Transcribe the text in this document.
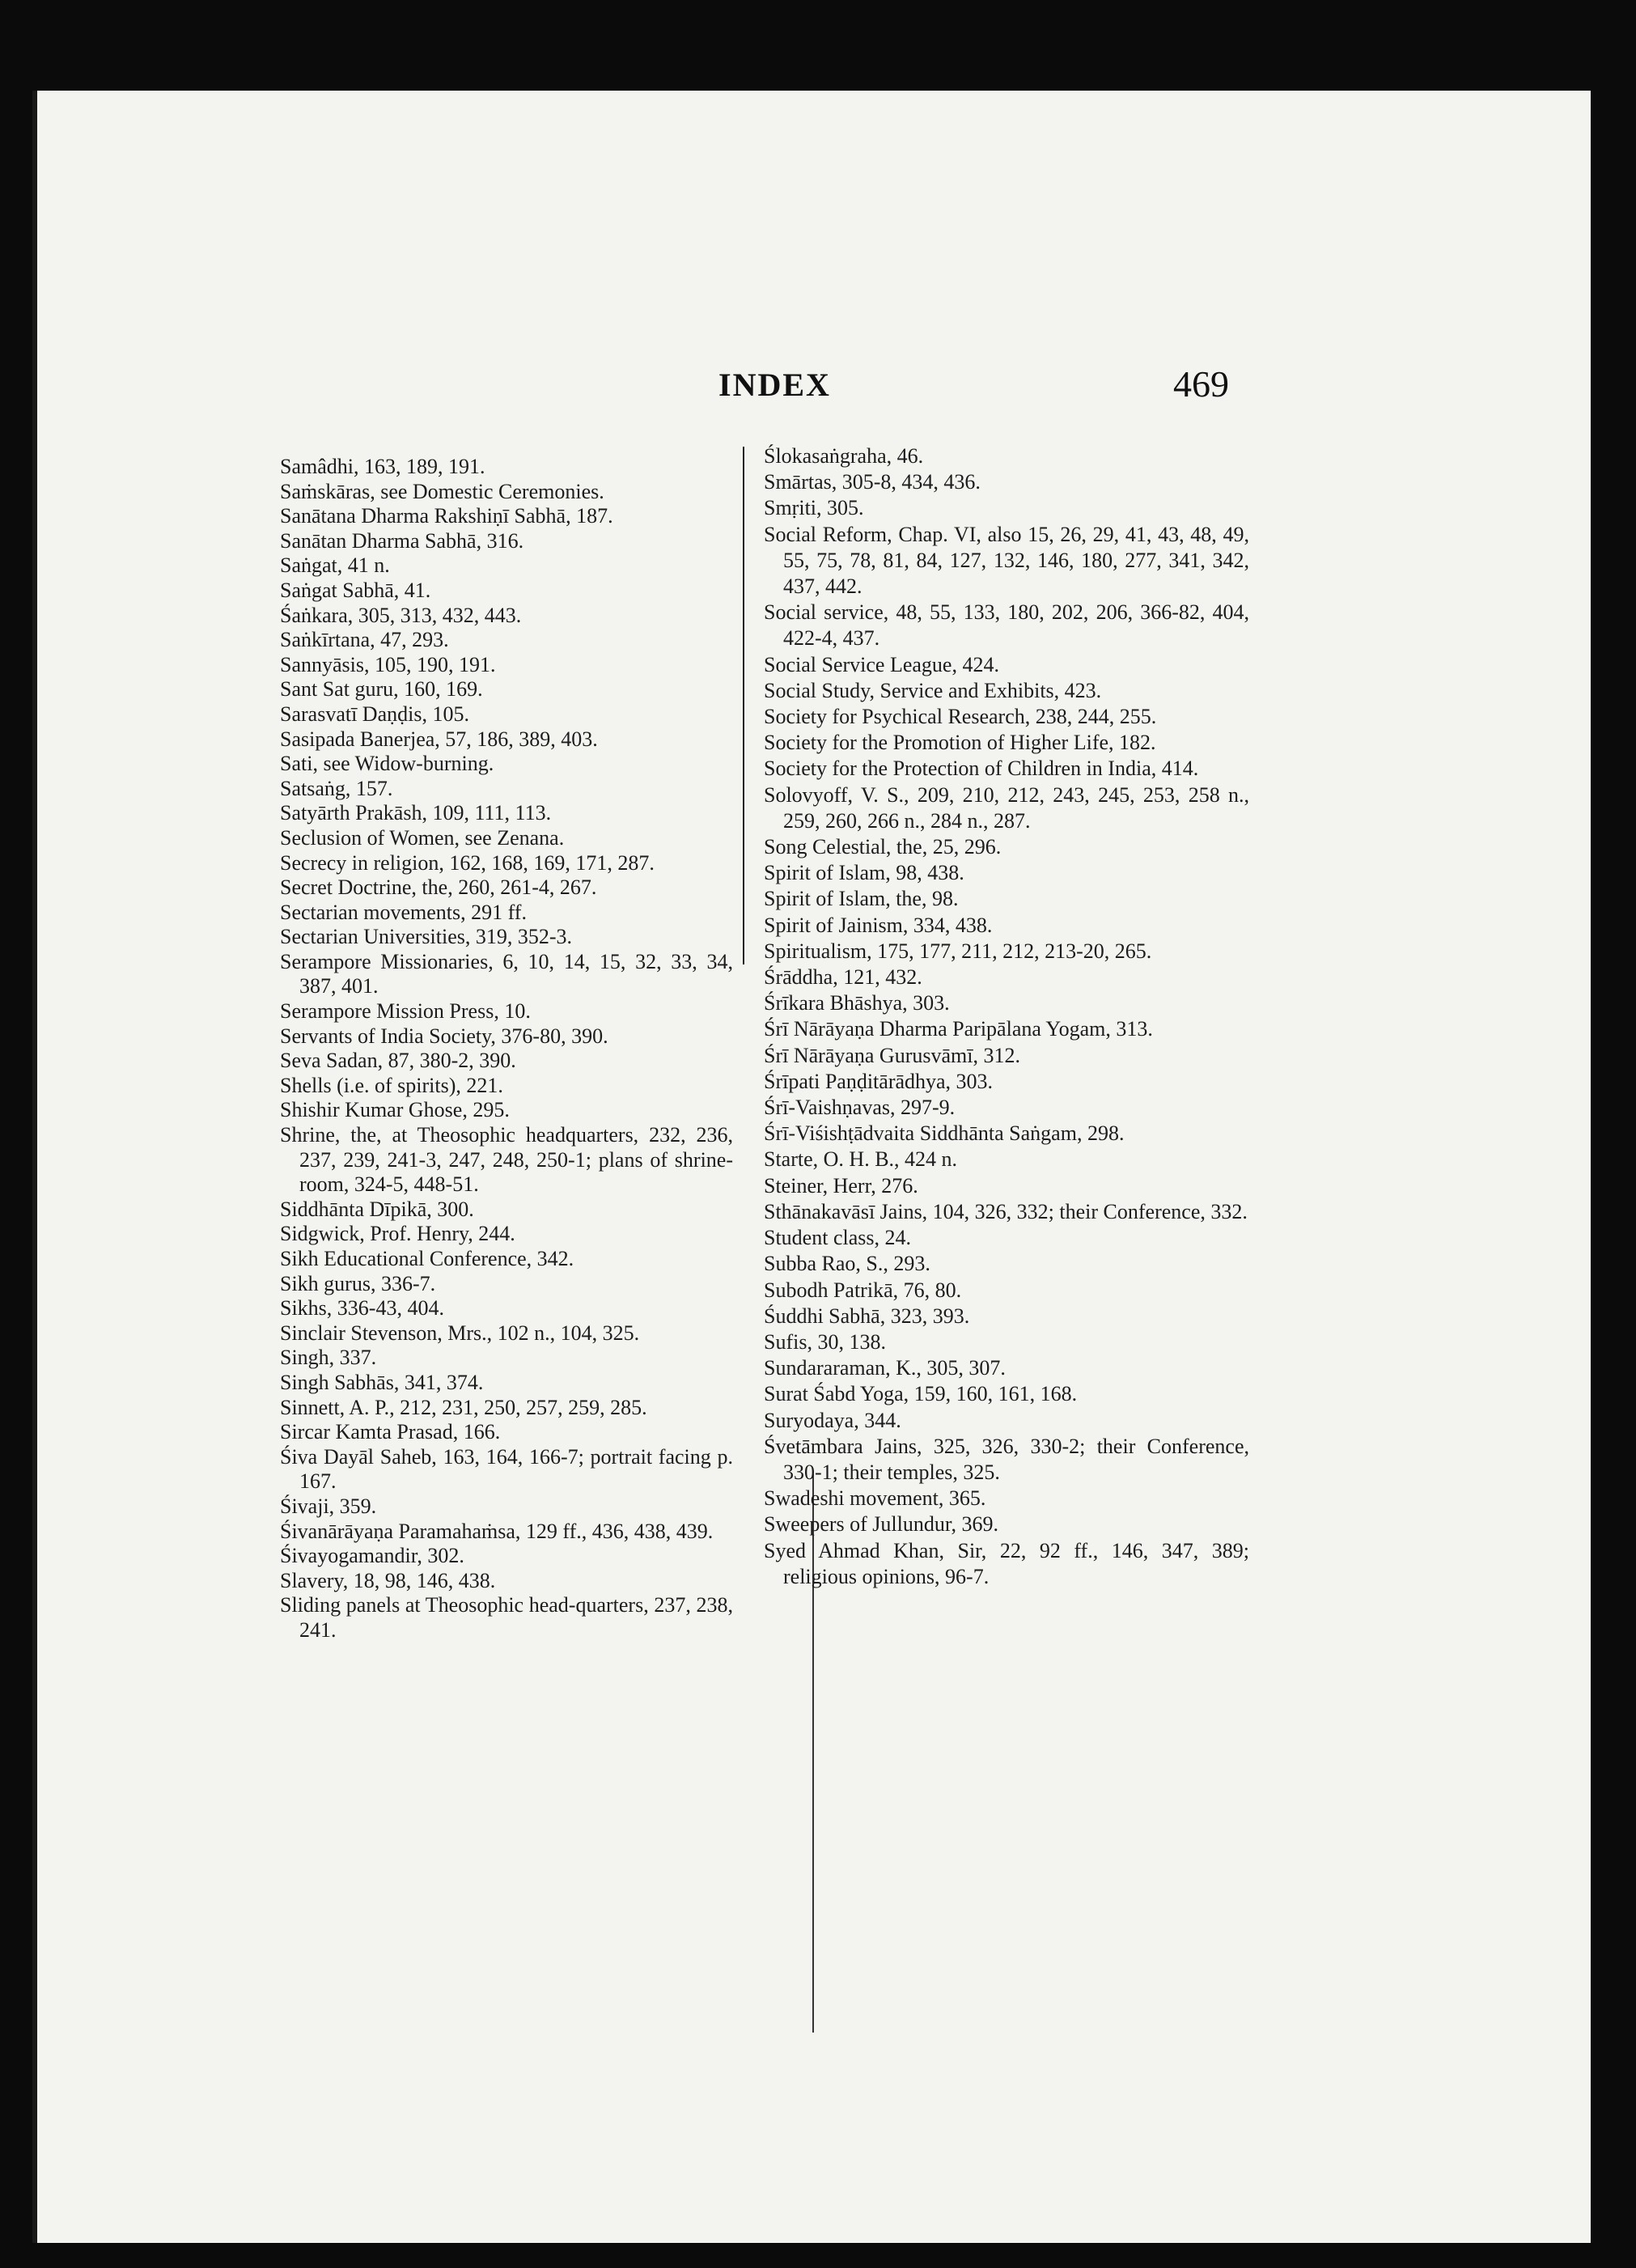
INDEX	469

Samâdhi, 163, 189, 191.

Saṁskāras, see Domestic Ceremonies.

Sanātana Dharma Rakshiṇī Sabhā, 187.

Sanātan Dharma Sabhā, 316.

Saṅgat, 41 n.

Saṅgat Sabhā, 41.

Śaṅkara, 305, 313, 432, 443.

Saṅkīrtana, 47, 293.

Sannyāsis, 105, 190, 191.

Sant Sat guru, 160, 169.

Sarasvatī Daṇḍis, 105.

Sasipada Banerjea, 57, 186, 389, 403.

Sati, see Widow-burning.

Satsaṅg, 157.

Satyārth Prakāsh, 109, 111, 113.

Seclusion of Women, see Zenana.

Secrecy in religion, 162, 168, 169, 171, 287.

Secret Doctrine, the, 260, 261-4, 267.

Sectarian movements, 291 ff.

Sectarian Universities, 319, 352-3.

Serampore Missionaries, 6, 10, 14, 15, 32, 33, 34, 387, 401.

Serampore Mission Press, 10.

Servants of India Society, 376-80, 390.

Seva Sadan, 87, 380-2, 390.

Shells (i.e. of spirits), 221.

Shishir Kumar Ghose, 295.

Shrine, the, at Theosophic headquarters, 232, 236, 237, 239, 241-3, 247, 248, 250-1; plans of shrine-room, 324-5, 448-51.

Siddhānta Dīpikā, 300.

Sidgwick, Prof. Henry, 244.

Sikh Educational Conference, 342.

Sikh gurus, 336-7.

Sikhs, 336-43, 404.

Sinclair Stevenson, Mrs., 102 n., 104, 325.

Singh, 337.

Singh Sabhās, 341, 374.

Sinnett, A. P., 212, 231, 250, 257, 259, 285.

Sircar Kamta Prasad, 166.

Śiva Dayāl Saheb, 163, 164, 166-7; portrait facing p. 167.

Śivaji, 359.

Śivanārāyaṇa Paramahaṁsa, 129 ff., 436, 438, 439.

Śivayogamandir, 302.

Slavery, 18, 98, 146, 438.

Sliding panels at Theosophic head-quarters, 237, 238, 241.

Ślokasaṅgraha, 46.

Smārtas, 305-8, 434, 436.

Smṛiti, 305.

Social Reform, Chap. VI, also 15, 26, 29, 41, 43, 48, 49, 55, 75, 78, 81, 84, 127, 132, 146, 180, 277, 341, 342, 437, 442.

Social service, 48, 55, 133, 180, 202, 206, 366-82, 404, 422-4, 437.

Social Service League, 424.

Social Study, Service and Exhibits, 423.

Society for Psychical Research, 238, 244, 255.

Society for the Promotion of Higher Life, 182.

Society for the Protection of Children in India, 414.

Solovyoff, V. S., 209, 210, 212, 243, 245, 253, 258 n., 259, 260, 266 n., 284 n., 287.

Song Celestial, the, 25, 296.

Spirit of Islam, 98, 438.

Spirit of Islam, the, 98.

Spirit of Jainism, 334, 438.

Spiritualism, 175, 177, 211, 212, 213-20, 265.

Śrāddha, 121, 432.

Śrīkara Bhāshya, 303.

Śrī Nārāyaṇa Dharma Paripālana Yogam, 313.

Śrī Nārāyaṇa Gurusvāmī, 312.

Śrīpati Paṇḍitārādhya, 303.

Śrī-Vaishṇavas, 297-9.

Śrī-Viśishṭādvaita Siddhānta Saṅgam, 298.

Starte, O. H. B., 424 n.

Steiner, Herr, 276.

Sthānakavāsī Jains, 104, 326, 332; their Conference, 332.

Student class, 24.

Subba Rao, S., 293.

Subodh Patrikā, 76, 80.

Śuddhi Sabhā, 323, 393.

Sufis, 30, 138.

Sundararaman, K., 305, 307.

Surat Śabd Yoga, 159, 160, 161, 168.

Suryodaya, 344.

Śvetāmbara Jains, 325, 326, 330-2; their Conference, 330-1; their temples, 325.

Swadeshi movement, 365.

Sweepers of Jullundur, 369.

Syed Ahmad Khan, Sir, 22, 92 ff., 146, 347, 389; religious opinions, 96-7.
